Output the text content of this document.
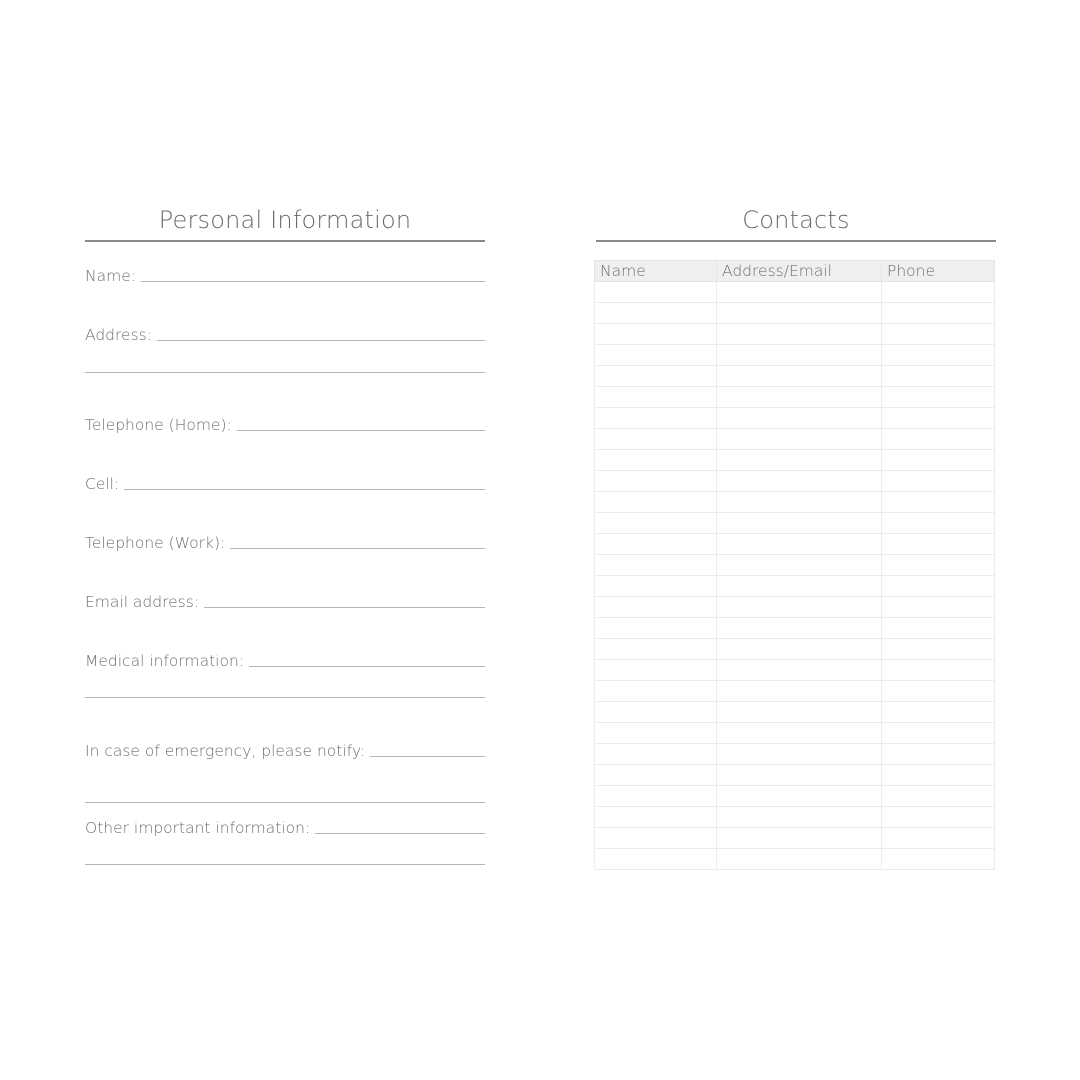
Personal Information
Name:
Address:
Telephone (Home):
Cell:
Telephone (Work):
Email address:
Medical information:
In case of emergency, please notify:
Other important information:
Contacts
Name	Address/Email	Phone
